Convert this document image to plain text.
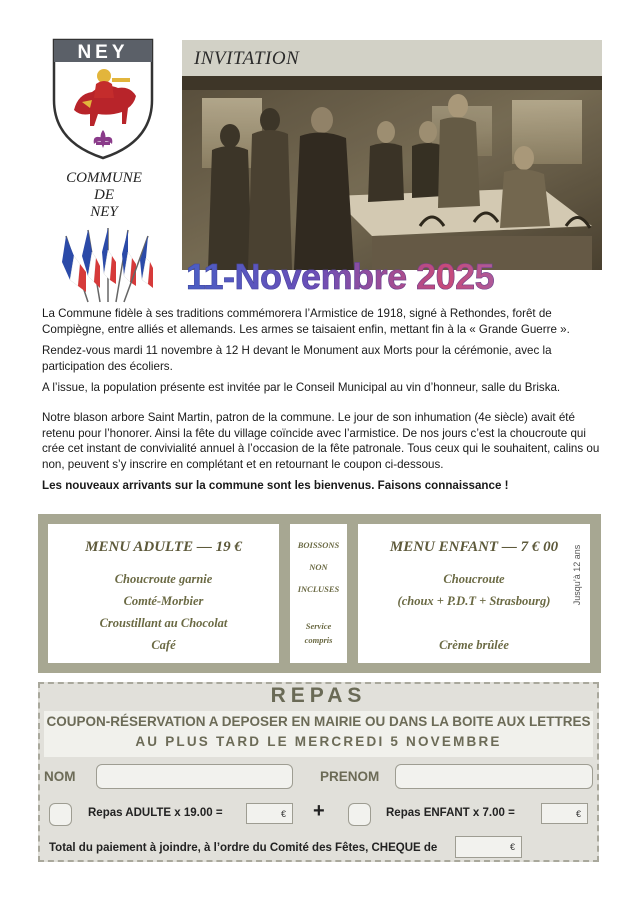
NEY
COMMUNE
DE
NEY
INVITATION
11-Novembre 2025

La Commune fidèle à ses traditions commémorera l’Armistice de 1918, signé à Rethondes, forêt de Compiègne, entre alliés et allemands. Les armes se taisaient enfin, mettant fin à la « Grande Guerre ».

Rendez-vous mardi 11 novembre à 12 H devant le Monument aux Morts pour la cérémonie, avec la participation des écoliers.

A l’issue, la population présente est invitée par le Conseil Municipal au vin d’honneur, salle du Briska.

Notre blason arbore Saint Martin, patron de la commune. Le jour de son inhumation (4e siècle) avait été retenu pour l’honorer. Ainsi la fête du village coïncide avec l’armistice. De nos jours c’est la choucroute qui crée cet instant de convivialité annuel à l’occasion de la fête patronale. Tous ceux qui le souhaitent, calins ou non, peuvent s’y inscrire en complétant et en retournant le coupon ci-dessous.

Les nouveaux arrivants sur la commune sont les bienvenus. Faisons connaissance !

MENU ADULTE — 19 €
Choucroute garnie
Comté-Morbier
Croustillant au Chocolat
Café
BOISSONS
NON
INCLUSES
Service
compris
MENU ENFANT — 7 € 00
Choucroute
(choux + P.D.T + Strasbourg)
Crème brûlée
Jusqu’à 12 ans
REPAS
COUPON-RÉSERVATION A DEPOSER EN MAIRIE OU DANS LA BOITE AUX LETTRES
AU PLUS TARD LE MERCREDI 5 NOVEMBRE
NOM	PRENOM
Repas ADULTE x 19.00 =	€ +	Repas ENFANT x 7.00 =	€
Total du paiement à joindre, à l’ordre du Comité des Fêtes, CHEQUE de	€
